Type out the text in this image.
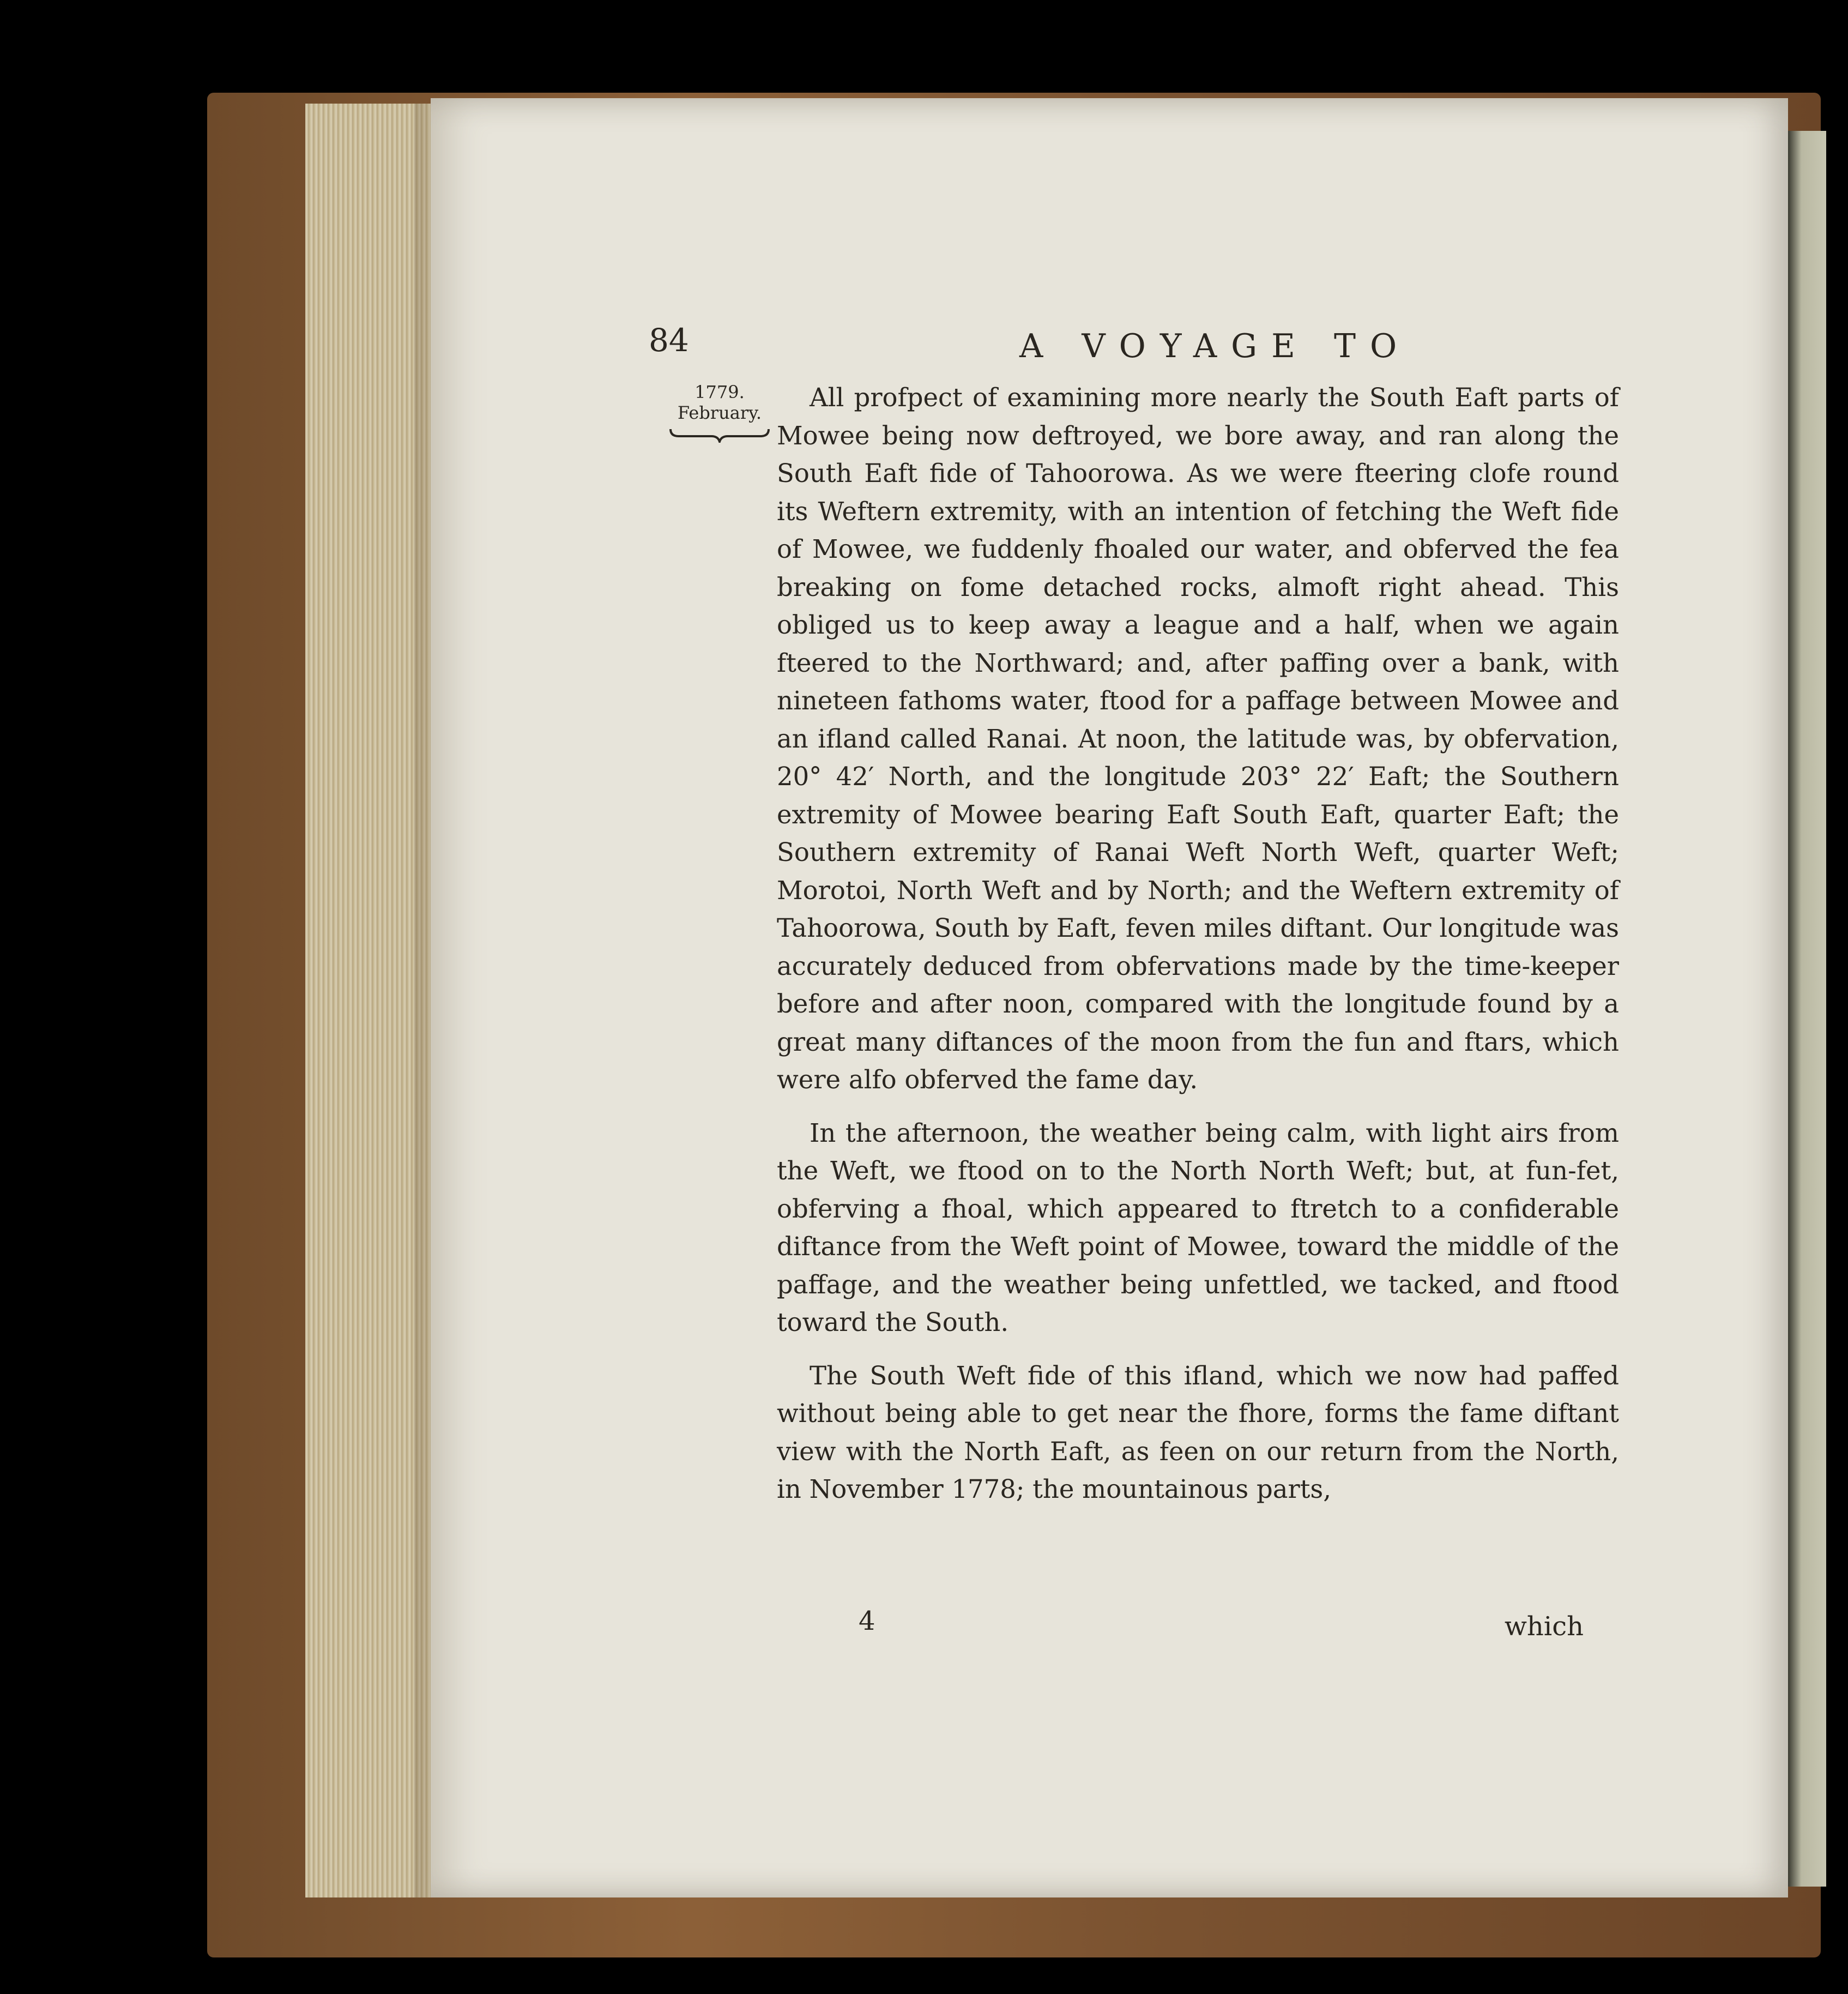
84	A VOYAGE TO
1779.
February.

All profpect of examining more nearly the South Eaft parts of Mowee being now deftroyed, we bore away, and ran along the South Eaft fide of Tahoorowa. As we were fteering clofe round its Weftern extremity, with an intention of fetching the Weft fide of Mowee, we fuddenly fhoaled our water, and obferved the fea breaking on fome detached rocks, almoft right ahead. This obliged us to keep away a league and a half, when we again fteered to the Northward; and, after paffing over a bank, with nineteen fathoms water, ftood for a paffage between Mowee and an ifland called Ranai. At noon, the latitude was, by obfervation, 20° 42′ North, and the longitude 203° 22′ Eaft; the Southern extremity of Mowee bearing Eaft South Eaft, quarter Eaft; the Southern extremity of Ranai Weft North Weft, quarter Weft; Morotoi, North Weft and by North; and the Weftern extremity of Tahoorowa, South by Eaft, feven miles diftant. Our longitude was accurately deduced from obfervations made by the time-keeper before and after noon, compared with the longitude found by a great many diftances of the moon from the fun and ftars, which were alfo obferved the fame day.

In the afternoon, the weather being calm, with light airs from the Weft, we ftood on to the North North Weft; but, at fun-fet, obferving a fhoal, which appeared to ftretch to a confiderable diftance from the Weft point of Mowee, toward the middle of the paffage, and the weather being unfettled, we tacked, and ftood toward the South.

The South Weft fide of this ifland, which we now had paffed without being able to get near the fhore, forms the fame diftant view with the North Eaft, as feen on our return from the North, in November 1778; the mountainous parts,

4	which
